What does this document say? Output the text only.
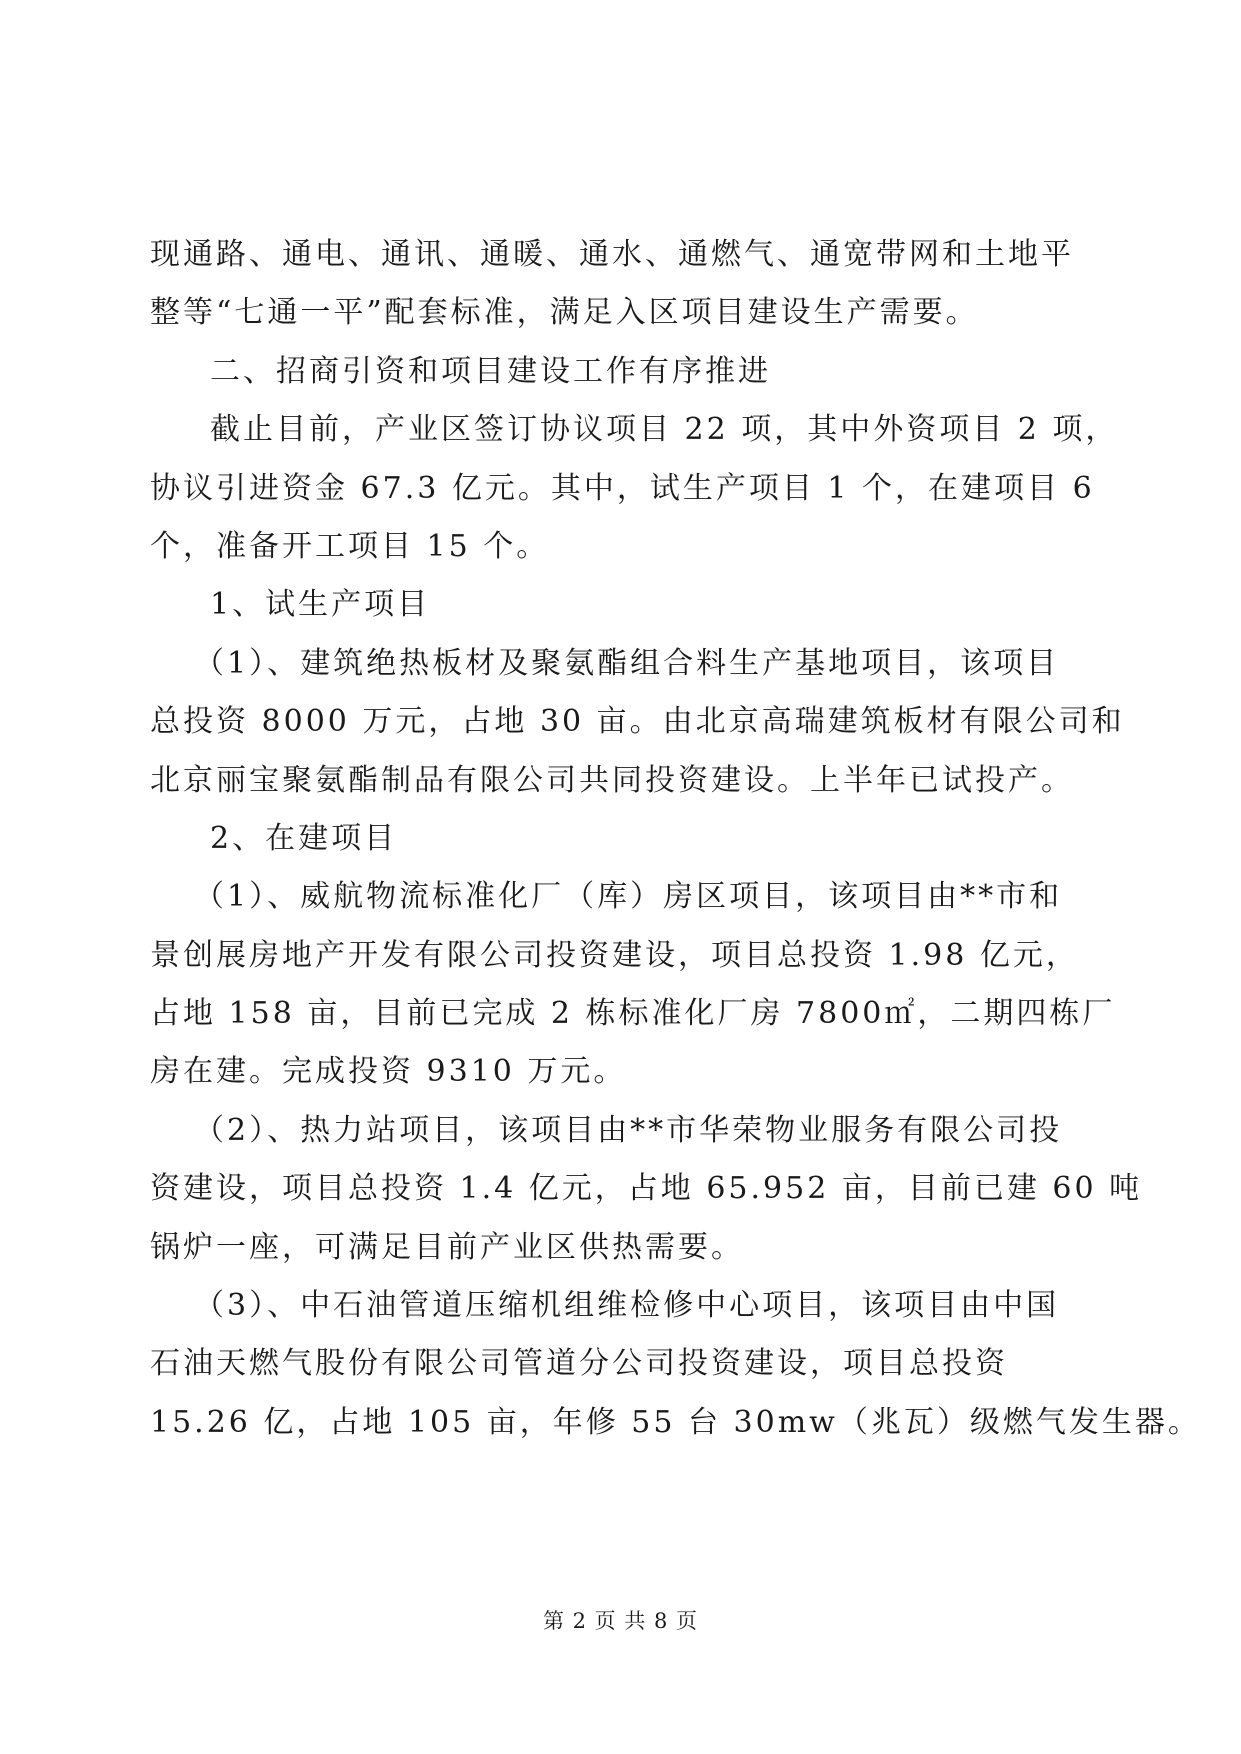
现通路、通电、通讯、通暖、通水、通燃气、通宽带网和土地平
整等“七通一平”配套标准，满足入区项目建设生产需要。
二、招商引资和项目建设工作有序推进
截止目前，产业区签订协议项目 22 项，其中外资项目 2 项，
协议引进资金 67.3 亿元。其中，试生产项目 1 个，在建项目 6
个，准备开工项目 15 个。
1、试生产项目
（1）、建筑绝热板材及聚氨酯组合料生产基地项目，该项目
总投资 8000 万元，占地 30 亩。由北京高瑞建筑板材有限公司和
北京丽宝聚氨酯制品有限公司共同投资建设。上半年已试投产。
2、在建项目
（1）、威航物流标准化厂（库）房区项目，该项目由**市和
景创展房地产开发有限公司投资建设，项目总投资 1.98 亿元，
占地 158 亩，目前已完成 2 栋标准化厂房 7800㎡，二期四栋厂
房在建。完成投资 9310 万元。
（2）、热力站项目，该项目由**市华荣物业服务有限公司投
资建设，项目总投资 1.4 亿元，占地 65.952 亩，目前已建 60 吨
锅炉一座，可满足目前产业区供热需要。
（3）、中石油管道压缩机组维检修中心项目，该项目由中国
石油天燃气股份有限公司管道分公司投资建设，项目总投资
15.26 亿，占地 105 亩，年修 55 台 30mw（兆瓦）级燃气发生器。
第 2 页 共 8 页
